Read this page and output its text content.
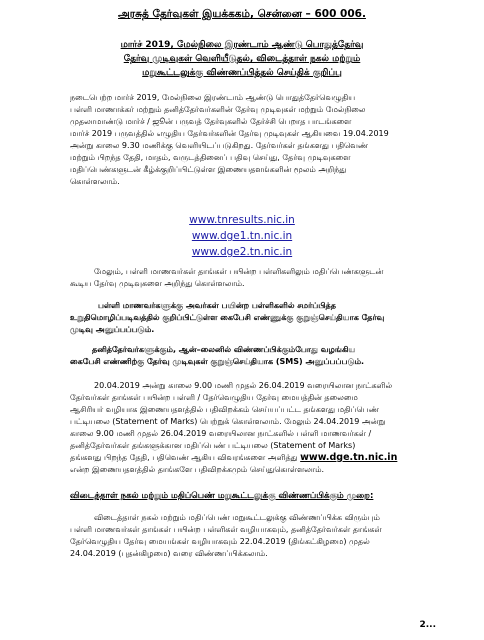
அரசுத் தேர்வுகள் இயக்ககம், சென்னை – 600 006.
மார்ச் 2019, மேல்நிலை இரண்டாம் ஆண்டு பொதுத்தேர்வு
தேர்வு முடிவுகள் வெளியீடுதல், விடைத்தாள் நகல் மற்றும்
மறுகூட்டலுக்கு விண்ணப்பித்தல் செய்திக் குறிப்பு
நடைபெற்ற மார்ச் 2019, மேல்நிலை இரண்டாம் ஆண்டு பொதுத்தேர்வெழுதிய
பள்ளி மாணாக்கர் மற்றும் தனித்தேர்வர்களின் தேர்வு முடிவுகள் மற்றும் மேல்நிலை
முதலாமாண்டு மார்ச் / ஜூன் பருவத் தேர்வுகளில் தேர்ச்சி பெறாத பாடங்களை
மார்ச் 2019 பருவத்தில் எழுதிய தேர்வர்களின் தேர்வு முடிவுகள் ஆகியவை 19.04.2019
அன்று காலை 9.30 மணிக்கு வெளியிடப்படுகிறது. தேர்வர்கள் தங்களது பதிவெண்
மற்றும் பிறந்த தேதி, மாதம், வருடத்தினைப் பதிவு செய்து, தேர்வு முடிவுகளை
மதிப்பெண்களுடன் கீழ்க்குறிப்பிட்டுள்ள இணையதளங்களின் மூலம் அறிந்து
கொள்ளலாம்.
www.tnresults.nic.in
www.dge1.tn.nic.in
www.dge2.tn.nic.in
மேலும், பள்ளி மாணவர்கள் தாங்கள் பயின்ற பள்ளிகளிலும் மதிப்பெண்களுடன்
கூடிய தேர்வு முடிவுகளை அறிந்து கொள்ளலாம்.
பள்ளி மாணவர்களுக்கு அவர்கள் பயின்ற பள்ளிகளில் சமர்ப்பித்த
உறுதிமொழிப்படிவத்தில் குறிப்பிட்டுள்ள கைபேசி எண்ணுக்கு குறுஞ்செய்தியாக தேர்வு
முடிவு அனுப்பப்படும்.
தனித்தேர்வர்களுக்கும், ஆன்–லைனில் விண்ணப்பிக்கும்போது வழங்கிய
கைபேசி எண்ணிற்கு தேர்வு முடிவுகள் குறுஞ்செய்தியாக (SMS) அனுப்பப்படும்.
20.04.2019 அன்று காலை 9.00 மணி முதல் 26.04.2019 வரையிலான நாட்களில்
தேர்வர்கள் தாங்கள் பயின்ற பள்ளி / தேர்வெழுதிய தேர்வு மையத்தின் தலைமை
ஆசிரியர் வழியாக இணையதளத்தில் பதிவிறக்கம் செய்யப்பட்ட தங்களது மதிப்பெண்
பட்டியலை (Statement of Marks) பெற்றுக் கொள்ளலாம். மேலும் 24.04.2019 அன்று
காலை 9.00 மணி முதல் 26.04.2019 வரையிலான நாட்களில் பள்ளி மாணவர்கள் /
தனித்தேர்வர்கள் தங்களுக்கான மதிப்பெண் பட்டியலை (Statement of Marks)
தங்களது பிறந்த தேதி, பதிவெண் ஆகிய விவரங்களை அளித்து www.dge.tn.nic.in
என்ற இணையதளத்தில் தாங்களே பதிவிறக்கமும் செய்துகொள்ளலாம்.
விடைத்தாள் நகல் மற்றும் மதிப்பெண் மறுகூட்டலுக்கு விண்ணப்பிக்கும் முறை:
விடைத்தாள் நகல் மற்றும் மதிப்பெண் மறுகூட்டலுக்கு விண்ணப்பிக்க விரும்பும்
பள்ளி மாணவர்கள் தாங்கள் பயின்ற பள்ளிகள் வழியாகவும், தனித்தேர்வர்கள் தாங்கள்
தேர்வெழுதிய தேர்வு மையங்கள் வழியாகவும் 22.04.2019 (திங்கட்கிழமை) முதல்
24.04.2019 (புதன்கிழமை) வரை விண்ணப்பிக்கலாம்.
2...
